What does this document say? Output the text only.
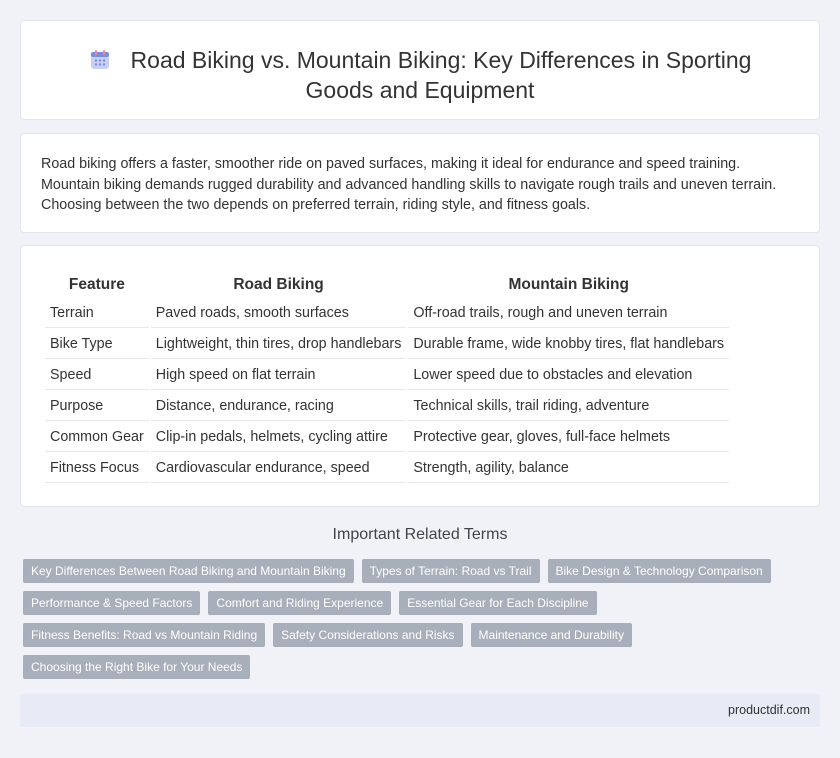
Road Biking vs. Mountain Biking: Key Differences in Sporting Goods and Equipment

Road biking offers a faster, smoother ride on paved surfaces, making it ideal for endurance and speed training. Mountain biking demands rugged durability and advanced handling skills to navigate rough trails and uneven terrain. Choosing between the two depends on preferred terrain, riding style, and fitness goals.

Feature	Road Biking	Mountain Biking
Terrain	Paved roads, smooth surfaces	Off-road trails, rough and uneven terrain
Bike Type	Lightweight, thin tires, drop handlebars	Durable frame, wide knobby tires, flat handlebars
Speed	High speed on flat terrain	Lower speed due to obstacles and elevation
Purpose	Distance, endurance, racing	Technical skills, trail riding, adventure
Common Gear	Clip-in pedals, helmets, cycling attire	Protective gear, gloves, full-face helmets
Fitness Focus	Cardiovascular endurance, speed	Strength, agility, balance
Important Related Terms
Key Differences Between Road Biking and Mountain Biking	Types of Terrain: Road vs Trail	Bike Design & Technology Comparison
Performance & Speed Factors	Comfort and Riding Experience	Essential Gear for Each Discipline
Fitness Benefits: Road vs Mountain Riding	Safety Considerations and Risks	Maintenance and Durability
Choosing the Right Bike for Your Needs
productdif.com
